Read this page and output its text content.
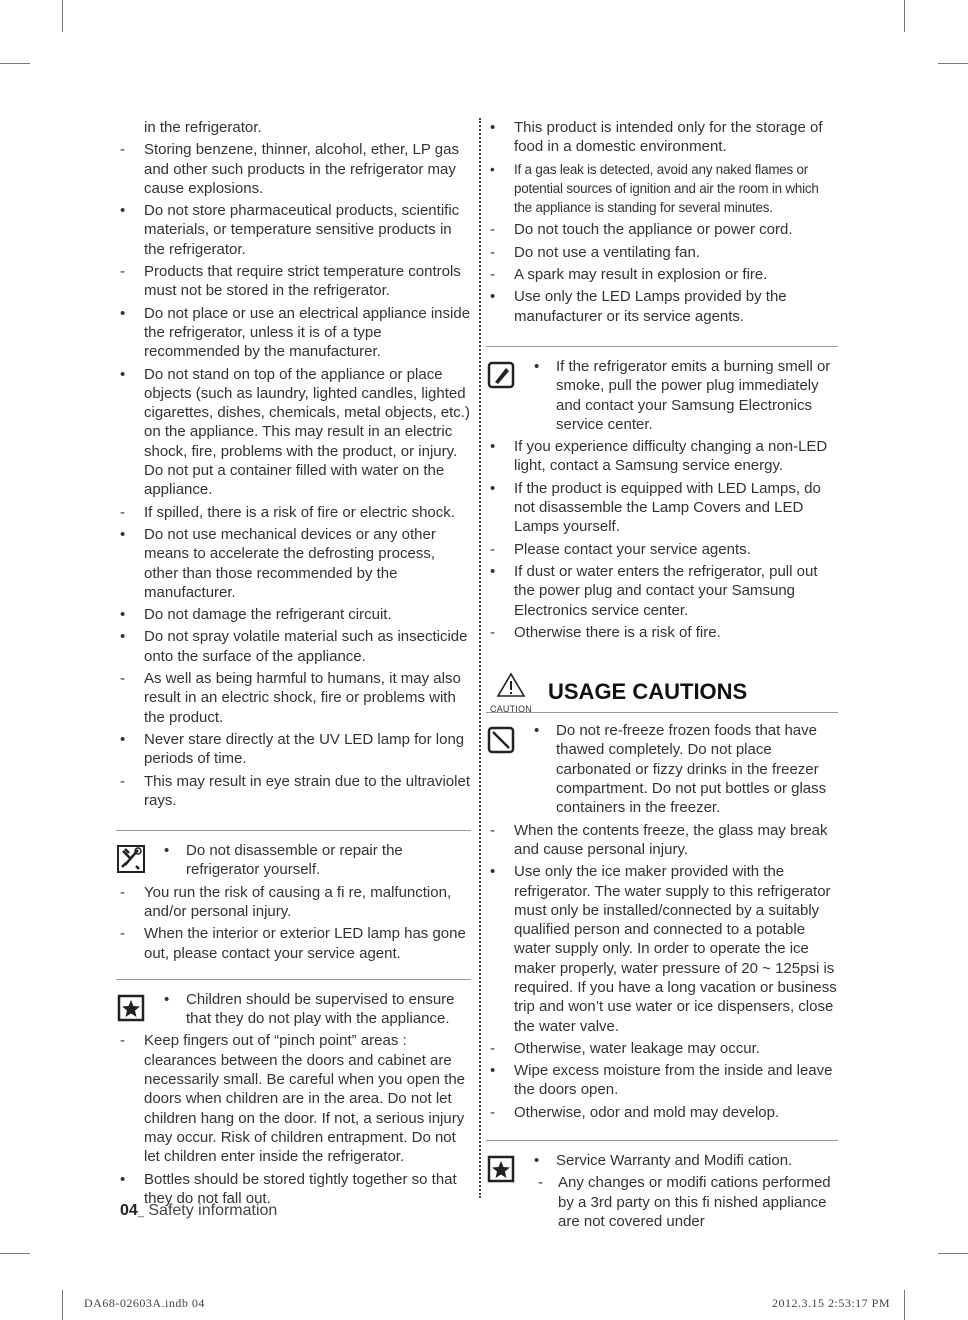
in the refrigerator.
-	Storing benzene, thinner, alcohol, ether, LP gas and other such products in the refrigerator may cause explosions.
•	Do not store pharmaceutical products, scientific materials, or temperature sensitive products in the refrigerator.
-	Products that require strict temperature controls must not be stored in the refrigerator.
•	Do not place or use an electrical appliance inside the refrigerator, unless it is of a type recommended by the manufacturer.
•	Do not stand on top of the appliance or place objects (such as laundry, lighted candles, lighted cigarettes, dishes, chemicals, metal objects, etc.) on the appliance. This may result in an electric shock, fire, problems with the product, or injury. Do not put a container filled with water on the appliance.
-	If spilled, there is a risk of fire or electric shock.
•	Do not use mechanical devices or any other means to accelerate the defrosting process, other than those recommended by the manufacturer.
•	Do not damage the refrigerant circuit.
•	Do not spray volatile material such as insecticide onto the surface of the appliance.
-	As well as being harmful to humans, it may also result in an electric shock, fire or problems with the product.
•	Never stare directly at the UV LED lamp for long periods of time.
-	This may result in eye strain due to the ultraviolet rays.
• Do not disassemble or repair the refrigerator yourself.
-	You run the risk of causing a fi re, malfunction, and/or personal injury.
-	When the interior or exterior LED lamp has gone out, please contact your service agent.
• Children should be supervised to ensure that they do not play with the appliance.
-	Keep fingers out of “pinch point” areas : clearances between the doors and cabinet are necessarily small. Be careful when you open the doors when children are in the area. Do not let children hang on the door. If not, a serious injury may occur. Risk of children entrapment. Do not let children enter inside the refrigerator.
•	Bottles should be stored tightly together so that they do not fall out.
•	This product is intended only for the storage of food in a domestic environment.
•	If a gas leak is detected, avoid any naked flames or potential sources of ignition and air the room in which the appliance is standing for several minutes.
-	Do not touch the appliance or power cord.
-	Do not use a ventilating fan.
-	A spark may result in explosion or fire.
•	Use only the LED Lamps provided by the manufacturer or its service agents.
• If the refrigerator emits a burning smell or smoke, pull the power plug immediately and contact your Samsung Electronics service center.
•	If you experience difficulty changing a non-LED light, contact a Samsung service energy.
•	If the product is equipped with LED Lamps, do not disassemble the Lamp Covers and LED Lamps yourself.
-	Please contact your service agents.
•	If dust or water enters the refrigerator, pull out the power plug and contact your Samsung Electronics service center.
-	Otherwise there is a risk of fire.
CAUTION
USAGE CAUTIONS
• Do not re-freeze frozen foods that have thawed completely. Do not place carbonated or fizzy drinks in the freezer compartment. Do not put bottles or glass containers in the freezer.
-	When the contents freeze, the glass may break and cause personal injury.
•	Use only the ice maker provided with the refrigerator. The water supply to this refrigerator must only be installed/connected by a suitably qualified person and connected to a potable water supply only. In order to operate the ice maker properly, water pressure of 20 ~ 125psi is required. If you have a long vacation or business trip and won’t use water or ice dispensers, close the water valve.
-	Otherwise, water leakage may occur.
•	Wipe excess moisture from the inside and leave the doors open.
-	Otherwise, odor and mold may develop.
• Service Warranty and Modifi cation.
- Any changes or modifi cations performed by a 3rd party on this fi nished appliance are not covered under
04_ Safety information
DA68-02603A.indb 04	2012.3.15 2:53:17 PM
